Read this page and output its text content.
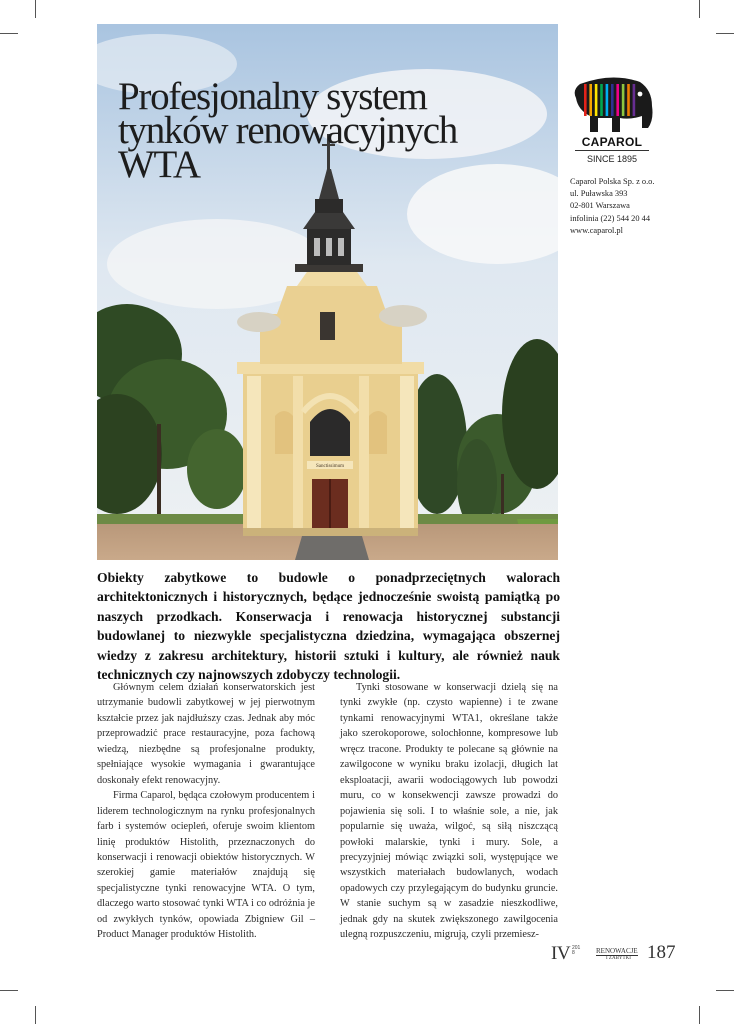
Sanctissimum
Profesjonalny system
tynków renowacyjnych
WTA
CAPAROL
SINCE 1895
Caparol Polska Sp. z o.o.
ul. Puławska 393
02-801 Warszawa
infolinia (22) 544 20 44
www.caparol.pl

Obiekty zabytkowe to budowle o ponadprzeciętnych walorach architektonicznych i historycznych, będące jednocześnie swoistą pamiątką po naszych przodkach. Konserwacja i renowacja historycznej substancji budowlanej to niezwykle specjalistyczna dziedzina, wymagająca obszernej wiedzy z zakresu architektury, historii sztuki i kultury, ale również nauk technicznych czy najnowszych zdobyczy technologii.

Głównym celem działań konserwatorskich jest utrzymanie budowli zabytkowej w jej pierwotnym kształcie przez jak najdłuższy czas. Jednak aby móc przeprowadzić prace restauracyjne, poza fachową wiedzą, niezbędne są profesjonalne produkty, spełniające wysokie wymagania i gwarantujące doskonały efekt renowacyjny.

Firma Caparol, będąca czołowym producentem i liderem technologicznym na rynku profesjonalnych farb i systemów ociepleń, oferuje swoim klientom linię produktów Histolith, przeznaczonych do konserwacji i renowacji obiektów historycznych. W szerokiej gamie materiałów znajdują się specjalistyczne tynki renowacyjne WTA. O tym, dlaczego warto stosować tynki WTA i co odróżnia je od zwykłych tynków, opowiada Zbigniew Gil – Product Manager produktów Histolith.

Tynki stosowane w konserwacji dzielą się na tynki zwykłe (np. czysto wapienne) i te zwane tynkami renowacyjnymi WTA1, określane także jako szerokoporowe, solochłonne, kompresowe lub wręcz tracone. Produkty te polecane są głównie na zawilgocone w wyniku braku izolacji, długich lat eksploatacji, awarii wodociągowych lub powodzi muru, co w konsekwencji zawsze prowadzi do pojawienia się soli. I to właśnie sole, a nie, jak popularnie się uważa, wilgoć, są siłą niszczącą powłoki malarskie, tynki i mury. Sole, a precyzyjniej mówiąc związki soli, występujące we wszystkich materiałach budowlanych, wodach opadowych czy przylegającym do budynku gruncie. W stanie suchym są w zasadzie nieszkodliwe, jednak gdy na skutek zwiększonego zawilgocenia ulegną rozpuszczeniu, migrują, czyli przemiesz-

IV 2018	RENOWACJE
I ZABYTKI 187
